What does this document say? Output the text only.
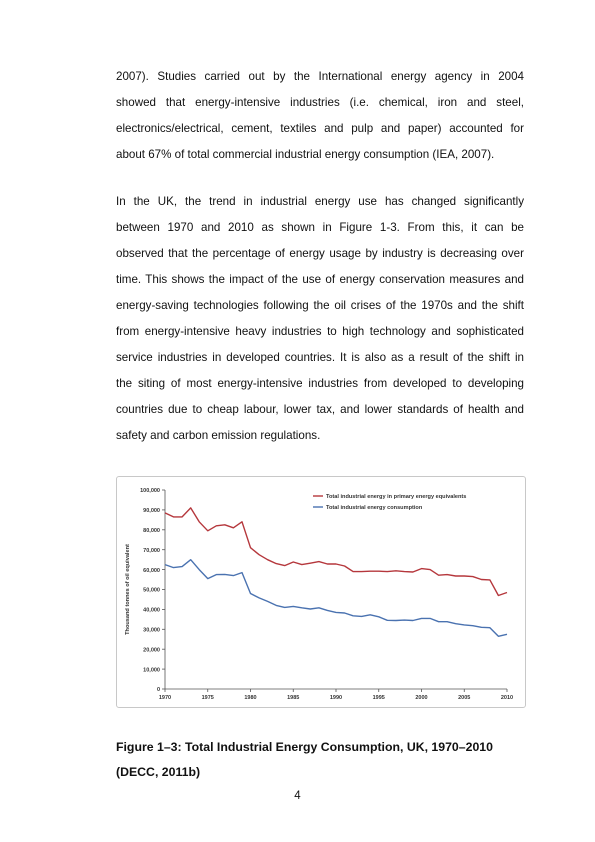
2007). Studies carried out by the International energy agency in 2004
showed that energy-intensive industries (i.e. chemical, iron and steel,
electronics/electrical, cement, textiles and pulp and paper) accounted for
about 67% of total commercial industrial energy consumption (IEA, 2007).
In the UK, the trend in industrial energy use has changed significantly
between 1970 and 2010 as shown in Figure 1-3. From this, it can be
observed that the percentage of energy usage by industry is decreasing over
time. This shows the impact of the use of energy conservation measures and
energy-saving technologies following the oil crises of the 1970s and the shift
from energy-intensive heavy industries to high technology and sophisticated
service industries in developed countries. It is also as a result of the shift in
the siting of most energy-intensive industries from developed to developing
countries due to cheap labour, lower tax, and lower standards of health and
safety and carbon emission regulations.
0
10,000
20,000
30,000
40,000
50,000
60,000
70,000
80,000
90,000
100,000
1970	1975	1980	1985	1990	1995	2000	2005	2010
Thousand tonnes of oil equivalent
Total industrial energy in primary energy equivalents
Total industrial energy consumption
Figure 1–3: Total Industrial Energy Consumption, UK, 1970–2010
(DECC, 2011b)
4
